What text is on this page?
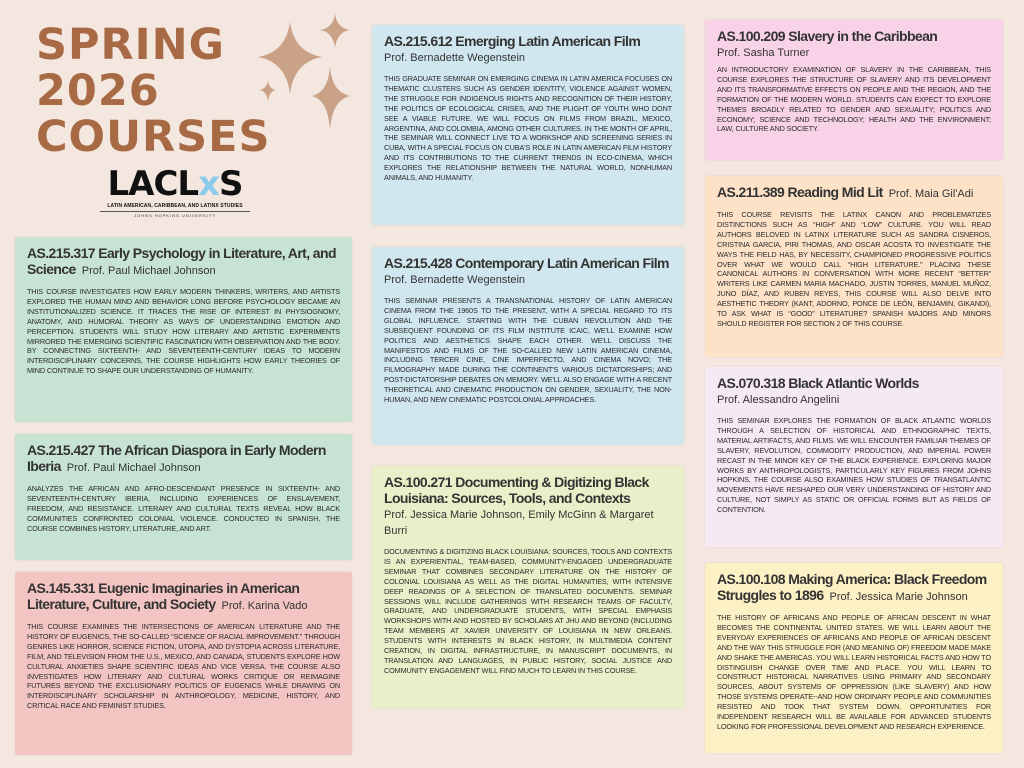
SPRING
2026
COURSES
LACLxS
LATIN AMERICAN, CARIBBEAN, AND LATINX STUDIES
JOHNS HOPKINS UNIVERSITY
AS.215.317 Early Psychology in Literature, Art, and Science Prof. Paul Michael Johnson

THIS COURSE INVESTIGATES HOW EARLY MODERN THINKERS, WRITERS, AND ARTISTS EXPLORED THE HUMAN MIND AND BEHAVIOR LONG BEFORE PSYCHOLOGY BECAME AN INSTITUTIONALIZED SCIENCE. IT TRACES THE RISE OF INTEREST IN PHYSIOGNOMY, ANATOMY, AND HUMORAL THEORY AS WAYS OF UNDERSTANDING EMOTION AND PERCEPTION. STUDENTS WILL STUDY HOW LITERARY AND ARTISTIC EXPERIMENTS MIRRORED THE EMERGING SCIENTIFIC FASCINATION WITH OBSERVATION AND THE BODY. BY CONNECTING SIXTEENTH- AND SEVENTEENTH-CENTURY IDEAS TO MODERN INTERDISCIPLINARY CONCERNS, THE COURSE HIGHLIGHTS HOW EARLY THEORIES OF MIND CONTINUE TO SHAPE OUR UNDERSTANDING OF HUMANITY.

AS.215.427 The African Diaspora in Early Modern Iberia Prof. Paul Michael Johnson

ANALYZES THE AFRICAN AND AFRO-DESCENDANT PRESENCE IN SIXTEENTH- AND SEVENTEENTH-CENTURY IBERIA, INCLUDING EXPERIENCES OF ENSLAVEMENT, FREEDOM, AND RESISTANCE. LITERARY AND CULTURAL TEXTS REVEAL HOW BLACK COMMUNITIES CONFRONTED COLONIAL VIOLENCE. CONDUCTED IN SPANISH, THE COURSE COMBINES HISTORY, LITERATURE, AND ART.

AS.145.331 Eugenic Imaginaries in American Literature, Culture, and Society Prof. Karina Vado

THIS COURSE EXAMINES THE INTERSECTIONS OF AMERICAN LITERATURE AND THE HISTORY OF EUGENICS, THE SO-CALLED “SCIENCE OF RACIAL IMPROVEMENT.” THROUGH GENRES LIKE HORROR, SCIENCE FICTION, UTOPIA, AND DYSTOPIA ACROSS LITERATURE, FILM, AND TELEVISION FROM THE U.S., MEXICO, AND CANADA, STUDENTS EXPLORE HOW CULTURAL ANXIETIES SHAPE SCIENTIFIC IDEAS AND VICE VERSA. THE COURSE ALSO INVESTIGATES HOW LITERARY AND CULTURAL WORKS CRITIQUE OR REIMAGINE FUTURES BEYOND THE EXCLUSIONARY POLITICS OF EUGENICS WHILE DRAWING ON INTERDISCIPLINARY SCHOLARSHIP IN ANTHROPOLOGY, MEDICINE, HISTORY, AND CRITICAL RACE AND FEMINIST STUDIES.

AS.215.612 Emerging Latin American Film
Prof. Bernadette Wegenstein

THIS GRADUATE SEMINAR ON EMERGING CINEMA IN LATIN AMERICA FOCUSES ON THEMATIC CLUSTERS SUCH AS GENDER IDENTITY, VIOLENCE AGAINST WOMEN, THE STRUGGLE FOR INDIGENOUS RIGHTS AND RECOGNITION OF THEIR HISTORY, THE POLITICS OF ECOLOGICAL CRISES, AND THE PLIGHT OF YOUTH WHO DONT SEE A VIABLE FUTURE. WE WILL FOCUS ON FILMS FROM BRAZIL, MEXICO, ARGENTINA, AND COLOMBIA, AMONG OTHER CULTURES. IN THE MONTH OF APRIL, THE SEMINAR WILL CONNECT LIVE TO A WORKSHOP AND SCREENING SERIES IN CUBA, WITH A SPECIAL FOCUS ON CUBA'S ROLE IN LATIN AMERICAN FILM HISTORY AND ITS CONTRIBUTIONS TO THE CURRENT TRENDS IN ECO-CINEMA, WHICH EXPLORES THE RELATIONSHIP BETWEEN THE NATURAL WORLD, NONHUMAN ANIMALS, AND HUMANITY.

AS.215.428 Contemporary Latin American Film
Prof. Bernadette Wegenstein

THIS SEMINAR PRESENTS A TRANSNATIONAL HISTORY OF LATIN AMERICAN CINEMA FROM THE 1960S TO THE PRESENT, WITH A SPECIAL REGARD TO ITS GLOBAL INFLUENCE. STARTING WITH THE CUBAN REVOLUTION AND THE SUBSEQUENT FOUNDING OF ITS FILM INSTITUTE ICAIC, WE'LL EXAMINE HOW POLITICS AND AESTHETICS SHAPE EACH OTHER. WE'LL DISCUSS THE MANIFESTOS AND FILMS OF THE SO-CALLED NEW LATIN AMERICAN CINEMA, INCLUDING TERCER CINE, CINE IMPERFECTO, AND CINEMA NOVO; THE FILMOGRAPHY MADE DURING THE CONTINENT'S VARIOUS DICTATORSHIPS; AND POST-DICTATORSHIP DEBATES ON MEMORY. WE'LL ALSO ENGAGE WITH A RECENT THEORETICAL AND CINEMATIC PRODUCTION ON GENDER, SEXUALITY, THE NON-HUMAN, AND NEW CINEMATIC POSTCOLONIAL APPROACHES.

AS.100.271 Documenting & Digitizing Black Louisiana: Sources, Tools, and Contexts
Prof. Jessica Marie Johnson, Emily McGinn & Margaret Burri

DOCUMENTING & DIGITIZING BLACK LOUISIANA: SOURCES, TOOLS AND CONTEXTS IS AN EXPERIENTIAL, TEAM-BASED, COMMUNITY-ENGAGED UNDERGRADUATE SEMINAR THAT COMBINES SECONDARY LITERATURE ON THE HISTORY OF COLONIAL LOUISIANA AS WELL AS THE DIGITAL HUMANITIES, WITH INTENSIVE DEEP READINGS OF A SELECTION OF TRANSLATED DOCUMENTS. SEMINAR SESSIONS WILL INCLUDE GATHERINGS WITH RESEARCH TEAMS OF FACULTY, GRADUATE, AND UNDERGRADUATE STUDENTS, WITH SPECIAL EMPHASIS WORKSHOPS WITH AND HOSTED BY SCHOLARS AT JHU AND BEYOND (INCLUDING TEAM MEMBERS AT XAVIER UNIVERSITY OF LOUISIANA IN NEW ORLEANS. STUDENTS WITH INTERESTS IN BLACK HISTORY, IN MULTIMEDIA CONTENT CREATION, IN DIGITAL INFRASTRUCTURE, IN MANUSCRIPT DOCUMENTS, IN TRANSLATION AND LANGUAGES, IN PUBLIC HISTORY, SOCIAL JUSTICE AND COMMUNITY ENGAGEMENT WILL FIND MUCH TO LEARN IN THIS COURSE.

AS.100.209 Slavery in the Caribbean
Prof. Sasha Turner

AN INTRODUCTORY EXAMINATION OF SLAVERY IN THE CARIBBEAN, THIS COURSE EXPLORES THE STRUCTURE OF SLAVERY AND ITS DEVELOPMENT AND ITS TRANSFORMATIVE EFFECTS ON PEOPLE AND THE REGION, AND THE FORMATION OF THE MODERN WORLD. STUDENTS CAN EXPECT TO EXPLORE THEMES BROADLY RELATED TO GENDER AND SEXUALITY; POLITICS AND ECONOMY; SCIENCE AND TECHNOLOGY; HEALTH AND THE ENVIRONMENT; LAW, CULTURE AND SOCIETY.

AS.211.389 Reading Mid Lit Prof. Maia Gil'Adi

THIS COURSE REVISITS THE LATINX CANON AND PROBLEMATIZES DISTINCTIONS SUCH AS “HIGH” AND “LOW” CULTURE. YOU WILL READ AUTHORS BELOVED IN LATINX LITERATURE SUCH AS SANDRA CISNEROS, CRISTINA GARCIA, PIRI THOMAS, AND OSCAR ACOSTA TO INVESTIGATE THE WAYS THE FIELD HAS, BY NECESSITY, CHAMPIONED PROGRESSIVE POLITICS OVER WHAT WE WOULD CALL “HIGH LITERATURE.” PLACING THESE CANONICAL AUTHORS IN CONVERSATION WITH MORE RECENT “BETTER” WRITERS LIKE CARMEN MARIA MACHADO, JUSTIN TORRES, MANUEL MUÑOZ, JUNO DÍAZ, AND RUBEN REYES, THIS COURSE WILL ALSO DELVE INTO AESTHETIC THEORY (KANT, ADORNO, PONCE DE LEÓN, BENJAMIN, GIKANDI), TO ASK WHAT IS “GOOD” LITERATURE? SPANISH MAJORS AND MINORS SHOULD REGISTER FOR SECTION 2 OF THIS COURSE.

AS.070.318 Black Atlantic Worlds
Prof. Alessandro Angelini

THIS SEMINAR EXPLORES THE FORMATION OF BLACK ATLANTIC WORLDS THROUGH A SELECTION OF HISTORICAL AND ETHNOGRAPHIC TEXTS, MATERIAL ARTIFACTS, AND FILMS. WE WILL ENCOUNTER FAMILIAR THEMES OF SLAVERY, REVOLUTION, COMMODITY PRODUCTION, AND IMPERIAL POWER RECAST IN THE MINOR KEY OF THE BLACK EXPERIENCE. EXPLORING MAJOR WORKS BY ANTHROPOLOGISTS, PARTICULARLY KEY FIGURES FROM JOHNS HOPKINS, THE COURSE ALSO EXAMINES HOW STUDIES OF TRANSATLANTIC MOVEMENTS HAVE RESHAPED OUR VERY UNDERSTANDING OF HISTORY AND CULTURE, NOT SIMPLY AS STATIC OR OFFICIAL FORMS BUT AS FIELDS OF CONTENTION.

AS.100.108 Making America: Black Freedom Struggles to 1896 Prof. Jessica Marie Johnson

THE HISTORY OF AFRICANS AND PEOPLE OF AFRICAN DESCENT IN WHAT BECOMES THE CONTINENTAL UNITED STATES. WE WILL LEARN ABOUT THE EVERYDAY EXPERIENCES OF AFRICANS AND PEOPLE OF AFRICAN DESCENT AND THE WAY THIS STRUGGLE FOR (AND MEANING OF) FREEDOM MADE MAKE AND SHAKE THE AMERICAS. YOU WILL LEARN HISTORICAL FACTS AND HOW TO DISTINGUISH CHANGE OVER TIME AND PLACE. YOU WILL LEARN TO CONSTRUCT HISTORICAL NARRATIVES USING PRIMARY AND SECONDARY SOURCES, ABOUT SYSTEMS OF OPPRESSION (LIKE SLAVERY) AND HOW THOSE SYSTEMS OPERATE--AND HOW ORDINARY PEOPLE AND COMMUNITIES RESISTED AND TOOK THAT SYSTEM DOWN. OPPORTUNITIES FOR INDEPENDENT RESEARCH WILL BE AVAILABLE FOR ADVANCED STUDENTS LOOKING FOR PROFESSIONAL DEVELOPMENT AND RESEARCH EXPERIENCE.
